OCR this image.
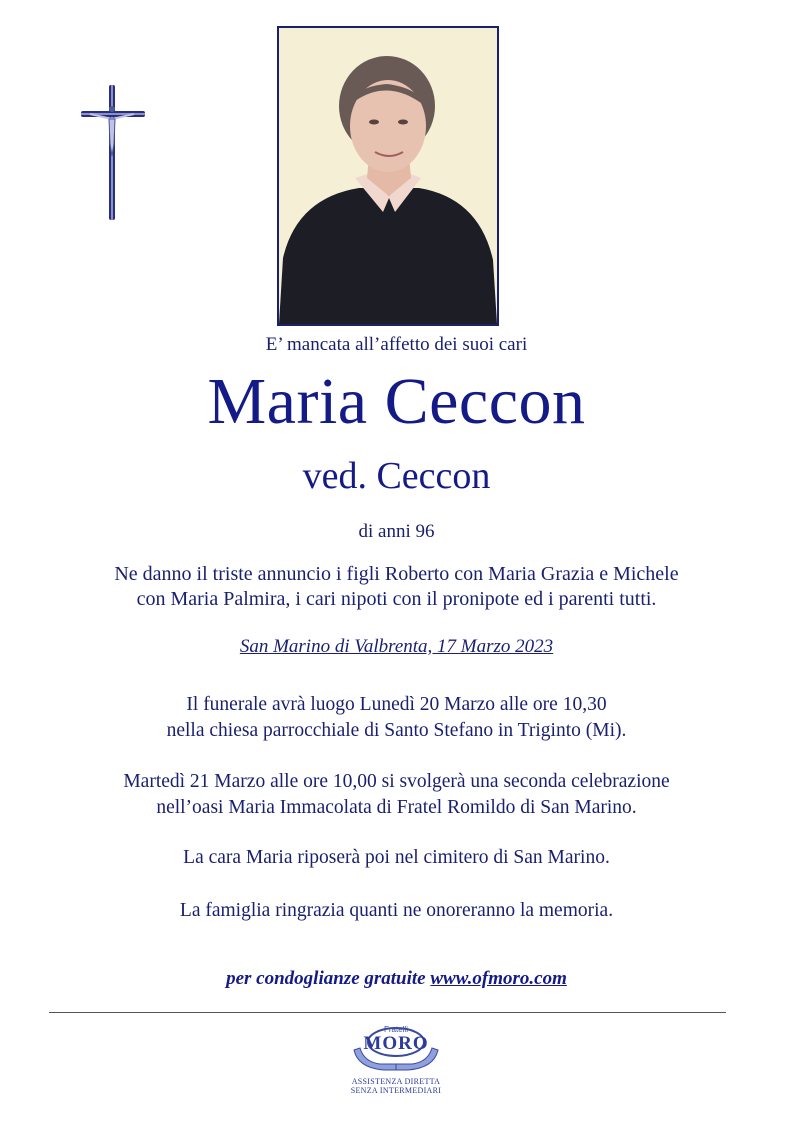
E’ mancata all’affetto dei suoi cari
Maria Ceccon
ved. Ceccon
di anni 96
Ne danno il triste annuncio i figli Roberto con Maria Grazia e Michele
con Maria Palmira, i cari nipoti con il pronipote ed i parenti tutti.
San Marino di Valbrenta, 17 Marzo 2023
Il funerale avrà luogo Lunedì 20 Marzo alle ore 10,30
nella chiesa parrocchiale di Santo Stefano in Triginto (Mi).
Martedì 21 Marzo alle ore 10,00 si svolgerà una seconda celebrazione
nell’oasi Maria Immacolata di Fratel Romildo di San Marino.
La cara Maria riposerà poi nel cimitero di San Marino.
La famiglia ringrazia quanti ne onoreranno la memoria.
per condoglianze gratuite www.ofmoro.com
Fratelli
MORO
ASSISTENZA DIRETTA
SENZA INTERMEDIARI
